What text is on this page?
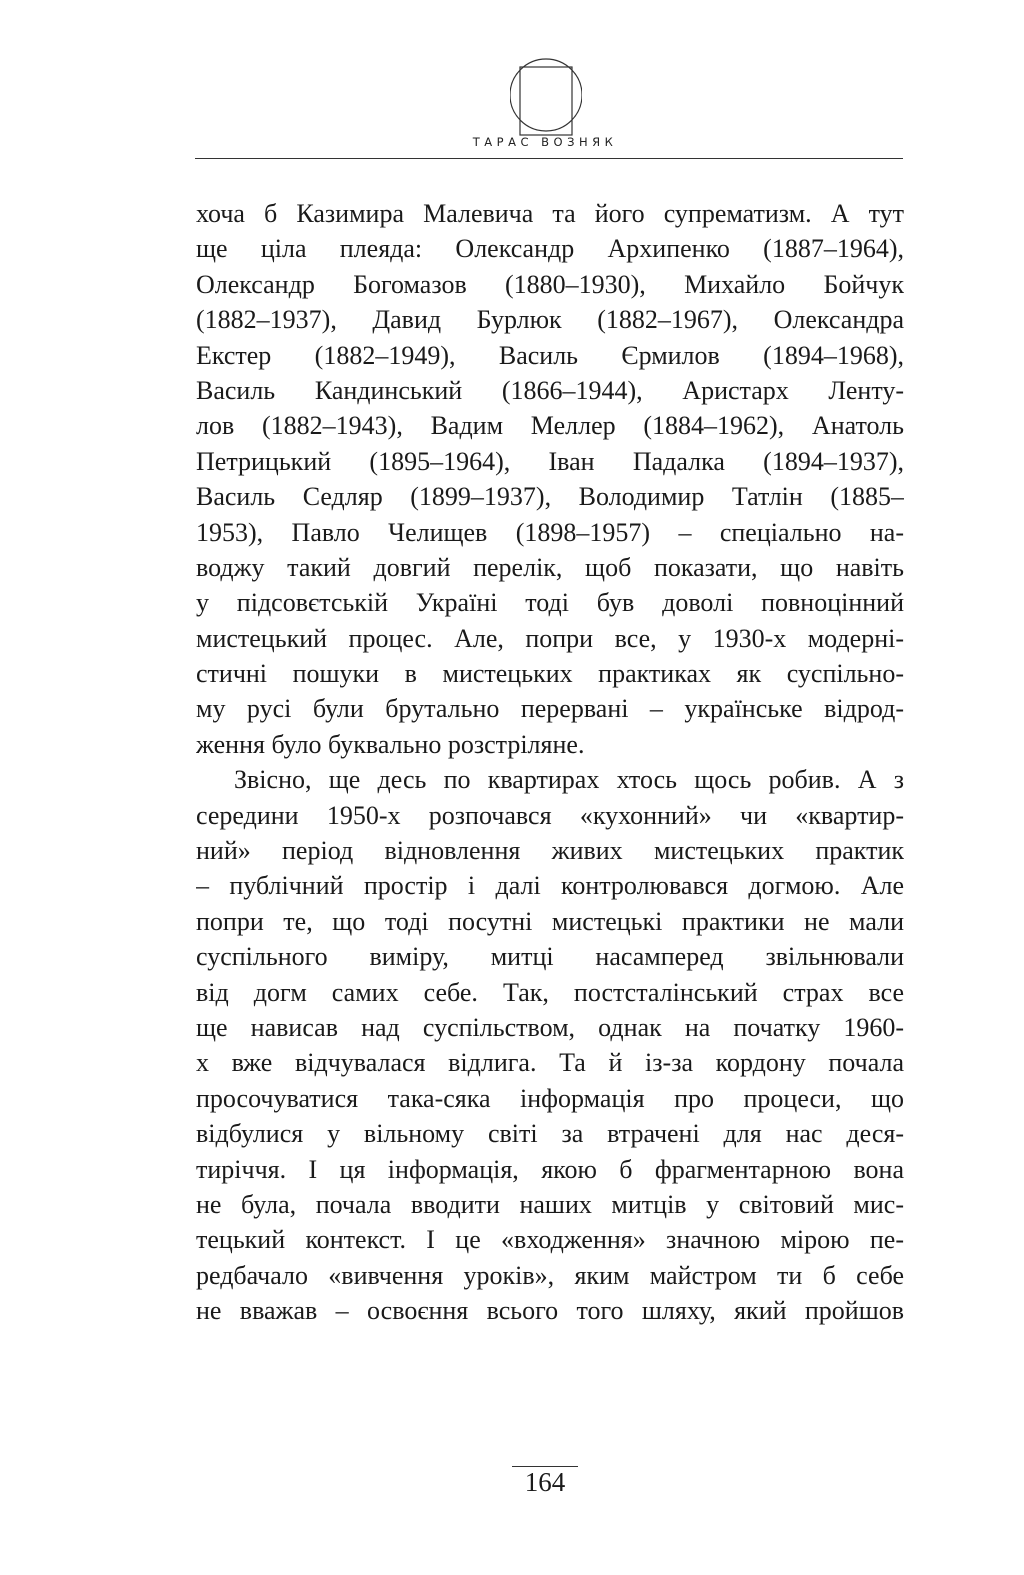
ТАРАС ВОЗНЯК
хоча б Казимира Малевича та його супрематизм. А тут
ще ціла плеяда: Олександр Архипенко (1887–1964),
Олександр Богомазов (1880–1930), Михайло Бойчук
(1882–1937), Давид Бурлюк (1882–1967), Олександра
Екстер (1882–1949), Василь Єрмилов (1894–1968),
Василь Кандинський (1866–1944), Аристарх Ленту-
лов (1882–1943), Вадим Меллер (1884–1962), Анатоль
Петрицький (1895–1964), Іван Падалка (1894–1937),
Василь Седляр (1899–1937), Володимир Татлін (1885–
1953), Павло Челищев (1898–1957) – спеціально на-
воджу такий довгий перелік, щоб показати, що навіть
у підсовєтській Україні тоді був доволі повноцінний
мистецький процес. Але, попри все, у 1930-х модерні-
стичні пошуки в мистецьких практиках як суспільно-
му русі були брутально перервані – українське відрод-
ження було буквально розстріляне.
Звісно, ще десь по квартирах хтось щось робив. А з
середини 1950-х розпочався «кухонний» чи «квартир-
ний» період відновлення живих мистецьких практик
– публічний простір і далі контролювався догмою. Але
попри те, що тоді посутні мистецькі практики не мали
суспільного виміру, митці насамперед звільнювали
від догм самих себе. Так, постсталінський страх все
ще нависав над суспільством, однак на початку 1960-
х вже відчувалася відлига. Та й із-за кордону почала
просочуватися така-сяка інформація про процеси, що
відбулися у вільному світі за втрачені для нас деся-
тиріччя. І ця інформація, якою б фрагментарною вона
не була, почала вводити наших митців у світовий мис-
тецький контекст. І це «входження» значною мірою пе-
редбачало «вивчення уроків», яким майстром ти б себе
не вважав – освоєння всього того шляху, який пройшов
164
